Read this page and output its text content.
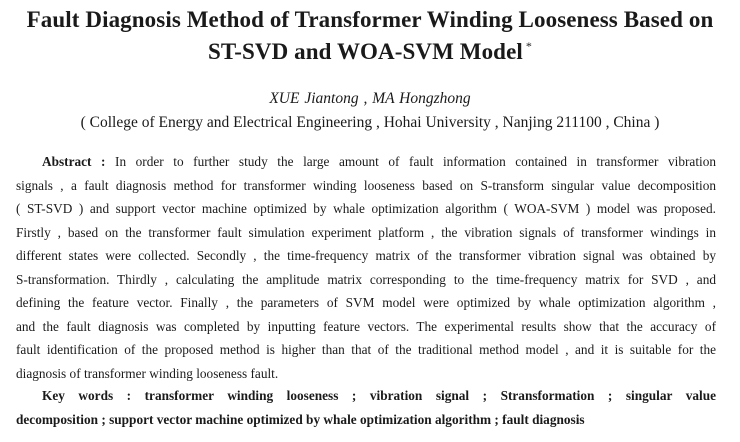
Fault Diagnosis Method of Transformer Winding Looseness Based on
ST-SVD and WOA-SVM Model *
XUE Jiantong , MA Hongzhong
( College of Energy and Electrical Engineering , Hohai University , Nanjing 211100 , China )
Abstract : In order to further study the large amount of fault information contained in transformer vibration
signals , a fault diagnosis method for transformer winding looseness based on S-transform singular value decomposition
( ST-SVD ) and support vector machine optimized by whale optimization algorithm ( WOA-SVM ) model was proposed.
Firstly , based on the transformer fault simulation experiment platform , the vibration signals of transformer windings in
different states were collected. Secondly , the time-frequency matrix of the transformer vibration signal was obtained by
S-transformation. Thirdly , calculating the amplitude matrix corresponding to the time-frequency matrix for SVD , and
defining the feature vector. Finally , the parameters of SVM model were optimized by whale optimization algorithm ,
and the fault diagnosis was completed by inputting feature vectors. The experimental results show that the accuracy of
fault identification of the proposed method is higher than that of the traditional method model , and it is suitable for the
diagnosis of transformer winding looseness fault.
Key words : transformer winding looseness ; vibration signal ; Stransformation ; singular value
decomposition ; support vector machine optimized by whale optimization algorithm ; fault diagnosis
